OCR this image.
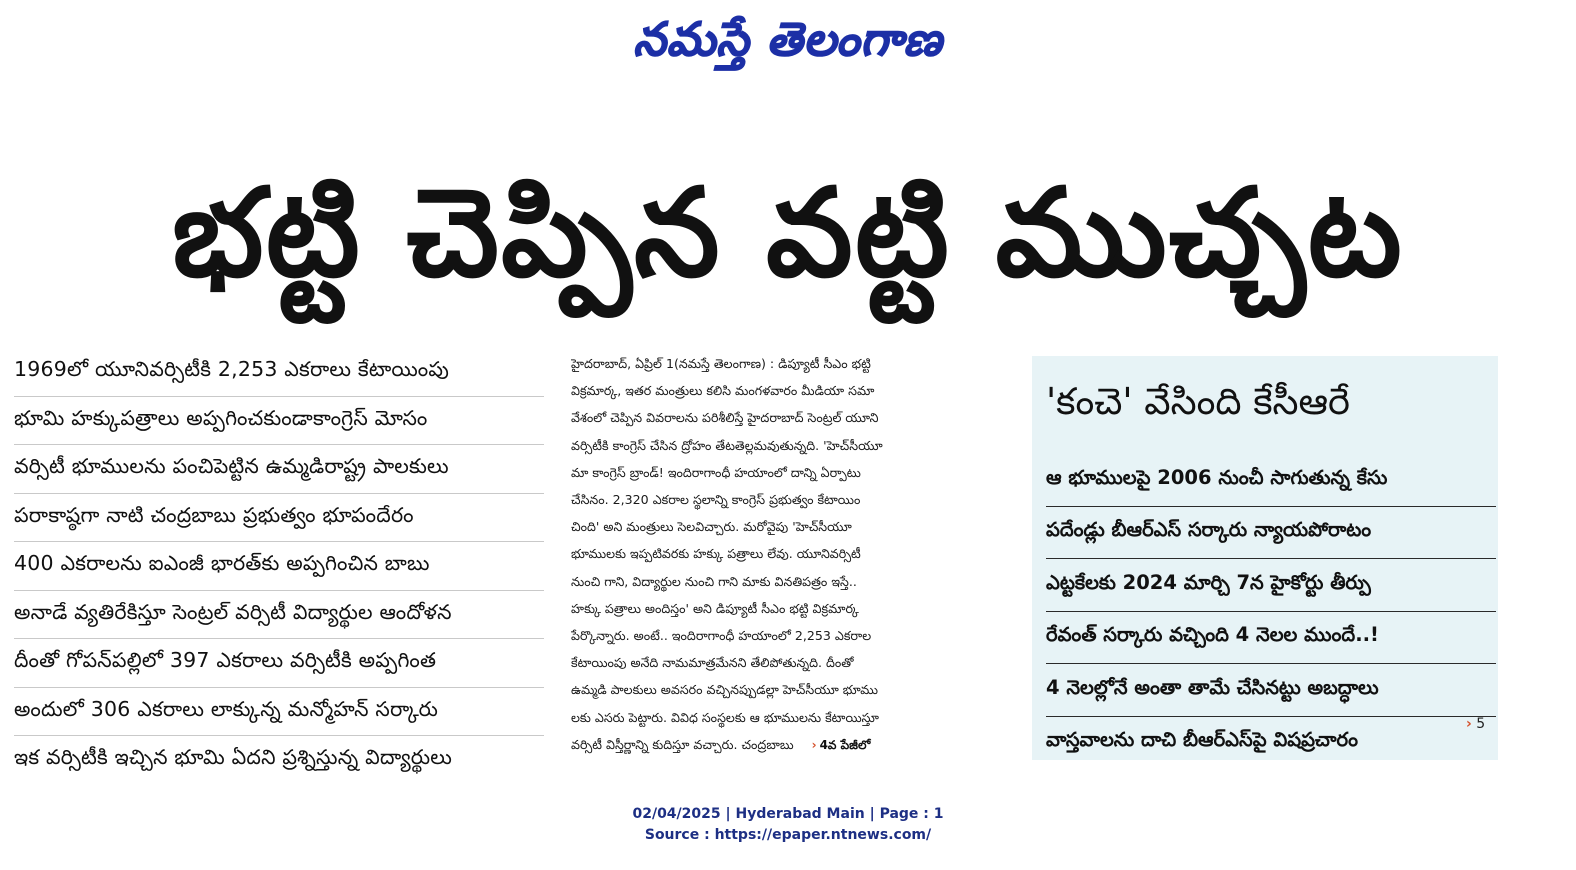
నమస్తే తెలంగాణ
భట్టి చెప్పిన వట్టి ముచ్చట
1969లో యూనివర్సిటీకి 2,253 ఎకరాలు కేటాయింపు
భూమి హక్కుపత్రాలు అప్పగించకుండాకాంగ్రెస్ మోసం
వర్సిటీ భూములను పంచిపెట్టిన ఉమ్మడిరాష్ట్ర పాలకులు
పరాకాష్ఠగా నాటి చంద్రబాబు ప్రభుత్వం భూపందేరం
400 ఎకరాలను ఐఎంజీ భారత్‌కు అప్పగించిన బాబు
అనాడే వ్యతిరేకిస్తూ సెంట్రల్ వర్సిటీ విద్యార్థుల ఆందోళన
దీంతో గోపన్‌పల్లిలో 397 ఎకరాలు వర్సిటీకి అప్పగింత
అందులో 306 ఎకరాలు లాక్కున్న మన్మోహన్ సర్కారు
ఇక వర్సిటీకి ఇచ్చిన భూమి ఏదని ప్రశ్నిస్తున్న విద్యార్థులు
హైదరాబాద్, ఏప్రిల్ 1(నమస్తే తెలంగాణ) : డిప్యూటీ సీఎం భట్టి
విక్రమార్క, ఇతర మంత్రులు కలిసి మంగళవారం మీడియా సమా
వేశంలో చెప్పిన వివరాలను పరిశీలిస్తే హైదరాబాద్ సెంట్రల్ యూని
వర్సిటీకి కాంగ్రెస్ చేసిన ద్రోహం తేటతెల్లమవుతున్నది. 'హెచ్‌సీయూ
మా కాంగ్రెస్ బ్రాండ్! ఇందిరాగాంధీ హయాంలో దాన్ని ఏర్పాటు
చేసినం. 2,320 ఎకరాల స్థలాన్ని కాంగ్రెస్ ప్రభుత్వం కేటాయిం
చింది' అని మంత్రులు సెలవిచ్చారు. మరోవైపు 'హెచ్‌సీయూ
భూములకు ఇప్పటివరకు హక్కు పత్రాలు లేవు. యూనివర్సిటీ
నుంచి గాని, విద్యార్థుల నుంచి గాని మాకు వినతిపత్రం ఇస్తే..
హక్కు పత్రాలు అందిస్తం' అని డిప్యూటీ సీఎం భట్టి విక్రమార్క
పేర్కొన్నారు. అంటే.. ఇందిరాగాంధీ హయాంలో 2,253 ఎకరాల
కేటాయింపు అనేది నామమాత్రమేనని తేలిపోతున్నది. దీంతో
ఉమ్మడి పాలకులు అవసరం వచ్చినప్పుడల్లా హెచ్‌సీయూ భూము
లకు ఎసరు పెట్టారు. వివిధ సంస్థలకు ఆ భూములను కేటాయిస్తూ
వర్సిటీ విస్తీర్ణాన్ని కుదిస్తూ వచ్చారు. చంద్రబాబు › 4వ పేజీలో
'కంచె' వేసింది కేసీఆరే
ఆ భూములపై 2006 నుంచీ సాగుతున్న కేసు
పదేండ్లు బీఆర్‌ఎస్ సర్కారు న్యాయపోరాటం
ఎట్టకేలకు 2024 మార్చి 7న హైకోర్టు తీర్పు
రేవంత్ సర్కారు వచ్చింది 4 నెలల ముందే..!
4 నెలల్లోనే అంతా తామే చేసినట్టు అబద్ధాలు
వాస్తవాలను దాచి బీఆర్‌ఎస్‌పై విషప్రచారం
› 5
02/04/2025 | Hyderabad Main | Page : 1
Source : https://epaper.ntnews.com/
